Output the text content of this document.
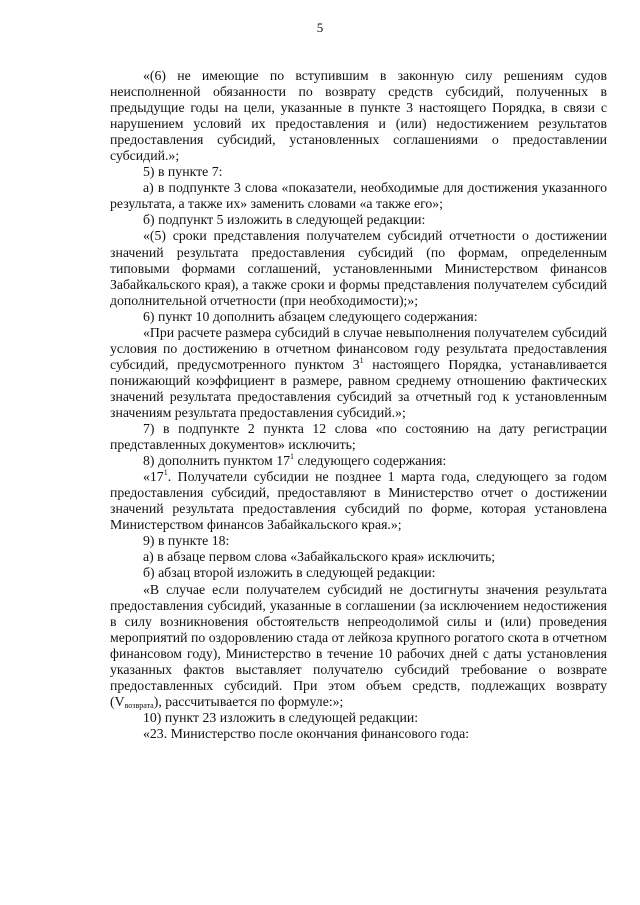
5

«(6) не имеющие по вступившим в законную силу решениям судов неисполненной обязанности по возврату средств субсидий, полученных в предыдущие годы на цели, указанные в пункте 3 настоящего Порядка, в связи с нарушением условий их предоставления и (или) недостижением результатов предоставления субсидий, установленных соглашениями о предоставлении субсидий.»;

5) в пункте 7:

а) в подпункте 3 слова «показатели, необходимые для достижения указанного результата, а также их» заменить словами «а также его»;

б) подпункт 5 изложить в следующей редакции:

«(5) сроки представления получателем субсидий отчетности о достижении значений результата предоставления субсидий (по формам, определенным типовыми формами соглашений, установленными Министерством финансов Забайкальского края), а также сроки и формы представления получателем субсидий дополнительной отчетности (при необходимости);»;

6) пункт 10 дополнить абзацем следующего содержания:

«При расчете размера субсидий в случае невыполнения получателем субсидий условия по достижению в отчетном финансовом году результата предоставления субсидий, предусмотренного пунктом $3^1$ настоящего Порядка, устанавливается понижающий коэффициент в размере, равном среднему отношению фактических значений результата предоставления субсидий за отчетный год к установленным значениям результата предоставления субсидий.»;

7) в подпункте 2 пункта 12 слова «по состоянию на дату регистрации представленных документов» исключить;

8) дополнить пунктом $17^1$ следующего содержания:

«$17^1$. Получатели субсидии не позднее 1 марта года, следующего за годом предоставления субсидий, предоставляют в Министерство отчет о достижении значений результата предоставления субсидий по форме, которая установлена Министерством финансов Забайкальского края.»;

9) в пункте 18:

а) в абзаце первом слова «Забайкальского края» исключить;

б) абзац второй изложить в следующей редакции:

«В случае если получателем субсидий не достигнуты значения результата предоставления субсидий, указанные в соглашении (за исключением недостижения в силу возникновения обстоятельств непреодолимой силы и (или) проведения мероприятий по оздоровлению стада от лейкоза крупного рогатого скота в отчетном финансовом году), Министерство в течение 10 рабочих дней с даты установления указанных фактов выставляет получателю субсидий требование о возврате предоставленных субсидий. При этом объем средств, подлежащих возврату $(V_{возврата})$, рассчитывается по формуле:»;

10) пункт 23 изложить в следующей редакции:

«23. Министерство после окончания финансового года:
